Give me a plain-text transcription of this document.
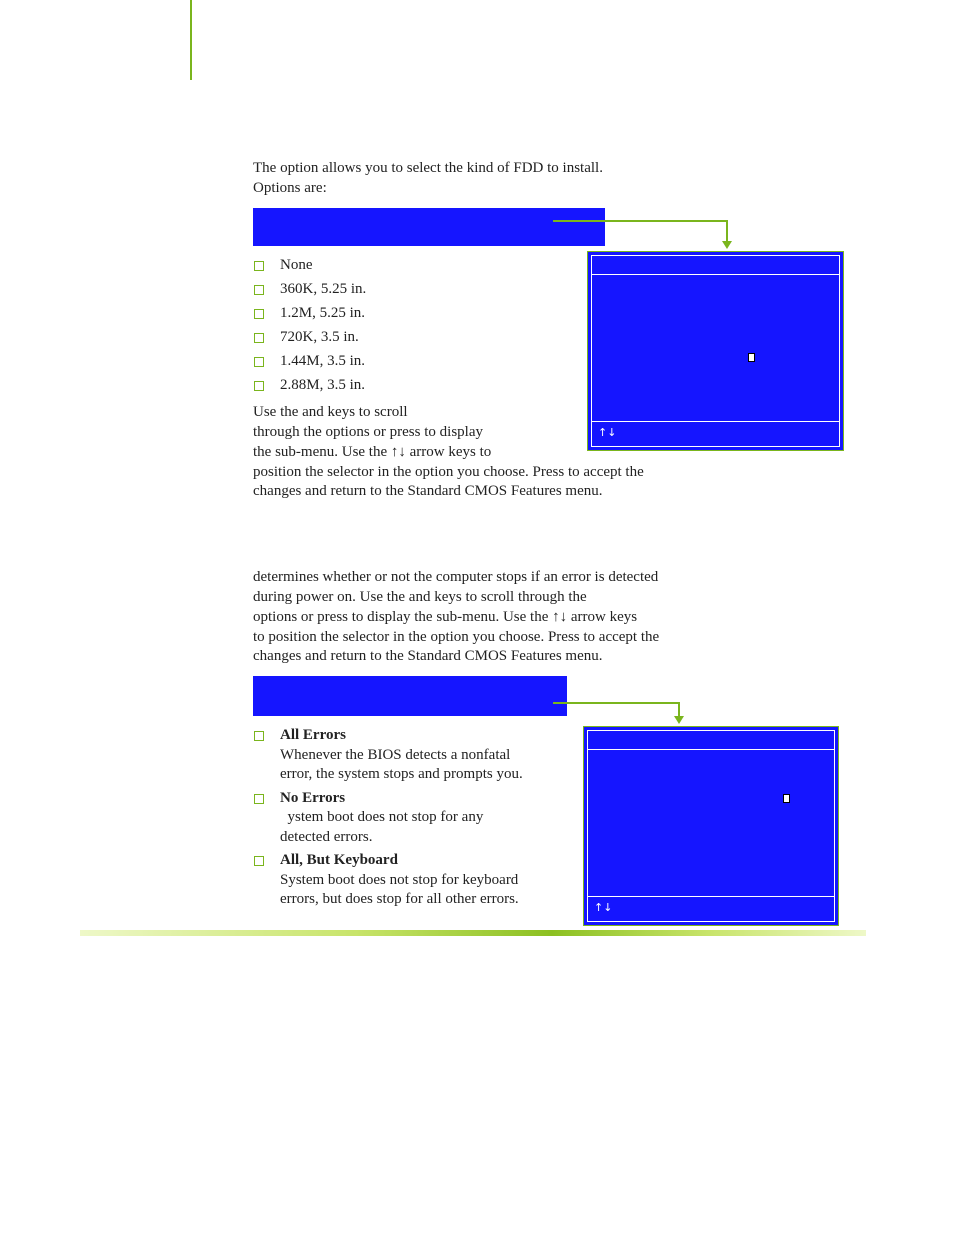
The option allows you to select the kind of FDD to install.

Options are:

None
360K, 5.25 in.
1.2M, 5.25 in.
720K, 3.5 in.
1.44M, 3.5 in.
2.88M, 3.5 in.
↑↓

Use the and keys to scroll

through the options or press to display

the sub-menu. Use the ↑↓ arrow keys to

position the selector in the option you choose. Press to accept the

changes and return to the Standard CMOS Features menu.

determines whether or not the computer stops if an error is detected

during power on. Use the and keys to scroll through the

options or press to display the sub-menu. Use the ↑↓ arrow keys

to position the selector in the option you choose. Press to accept the

changes and return to the Standard CMOS Features menu.

All Errors
Whenever the BIOS detects a nonfatal
error, the system stops and prompts you.
No Errors
ystem boot does not stop for any
detected errors.
All, But Keyboard
System boot does not stop for keyboard
errors, but does stop for all other errors.
↑↓
